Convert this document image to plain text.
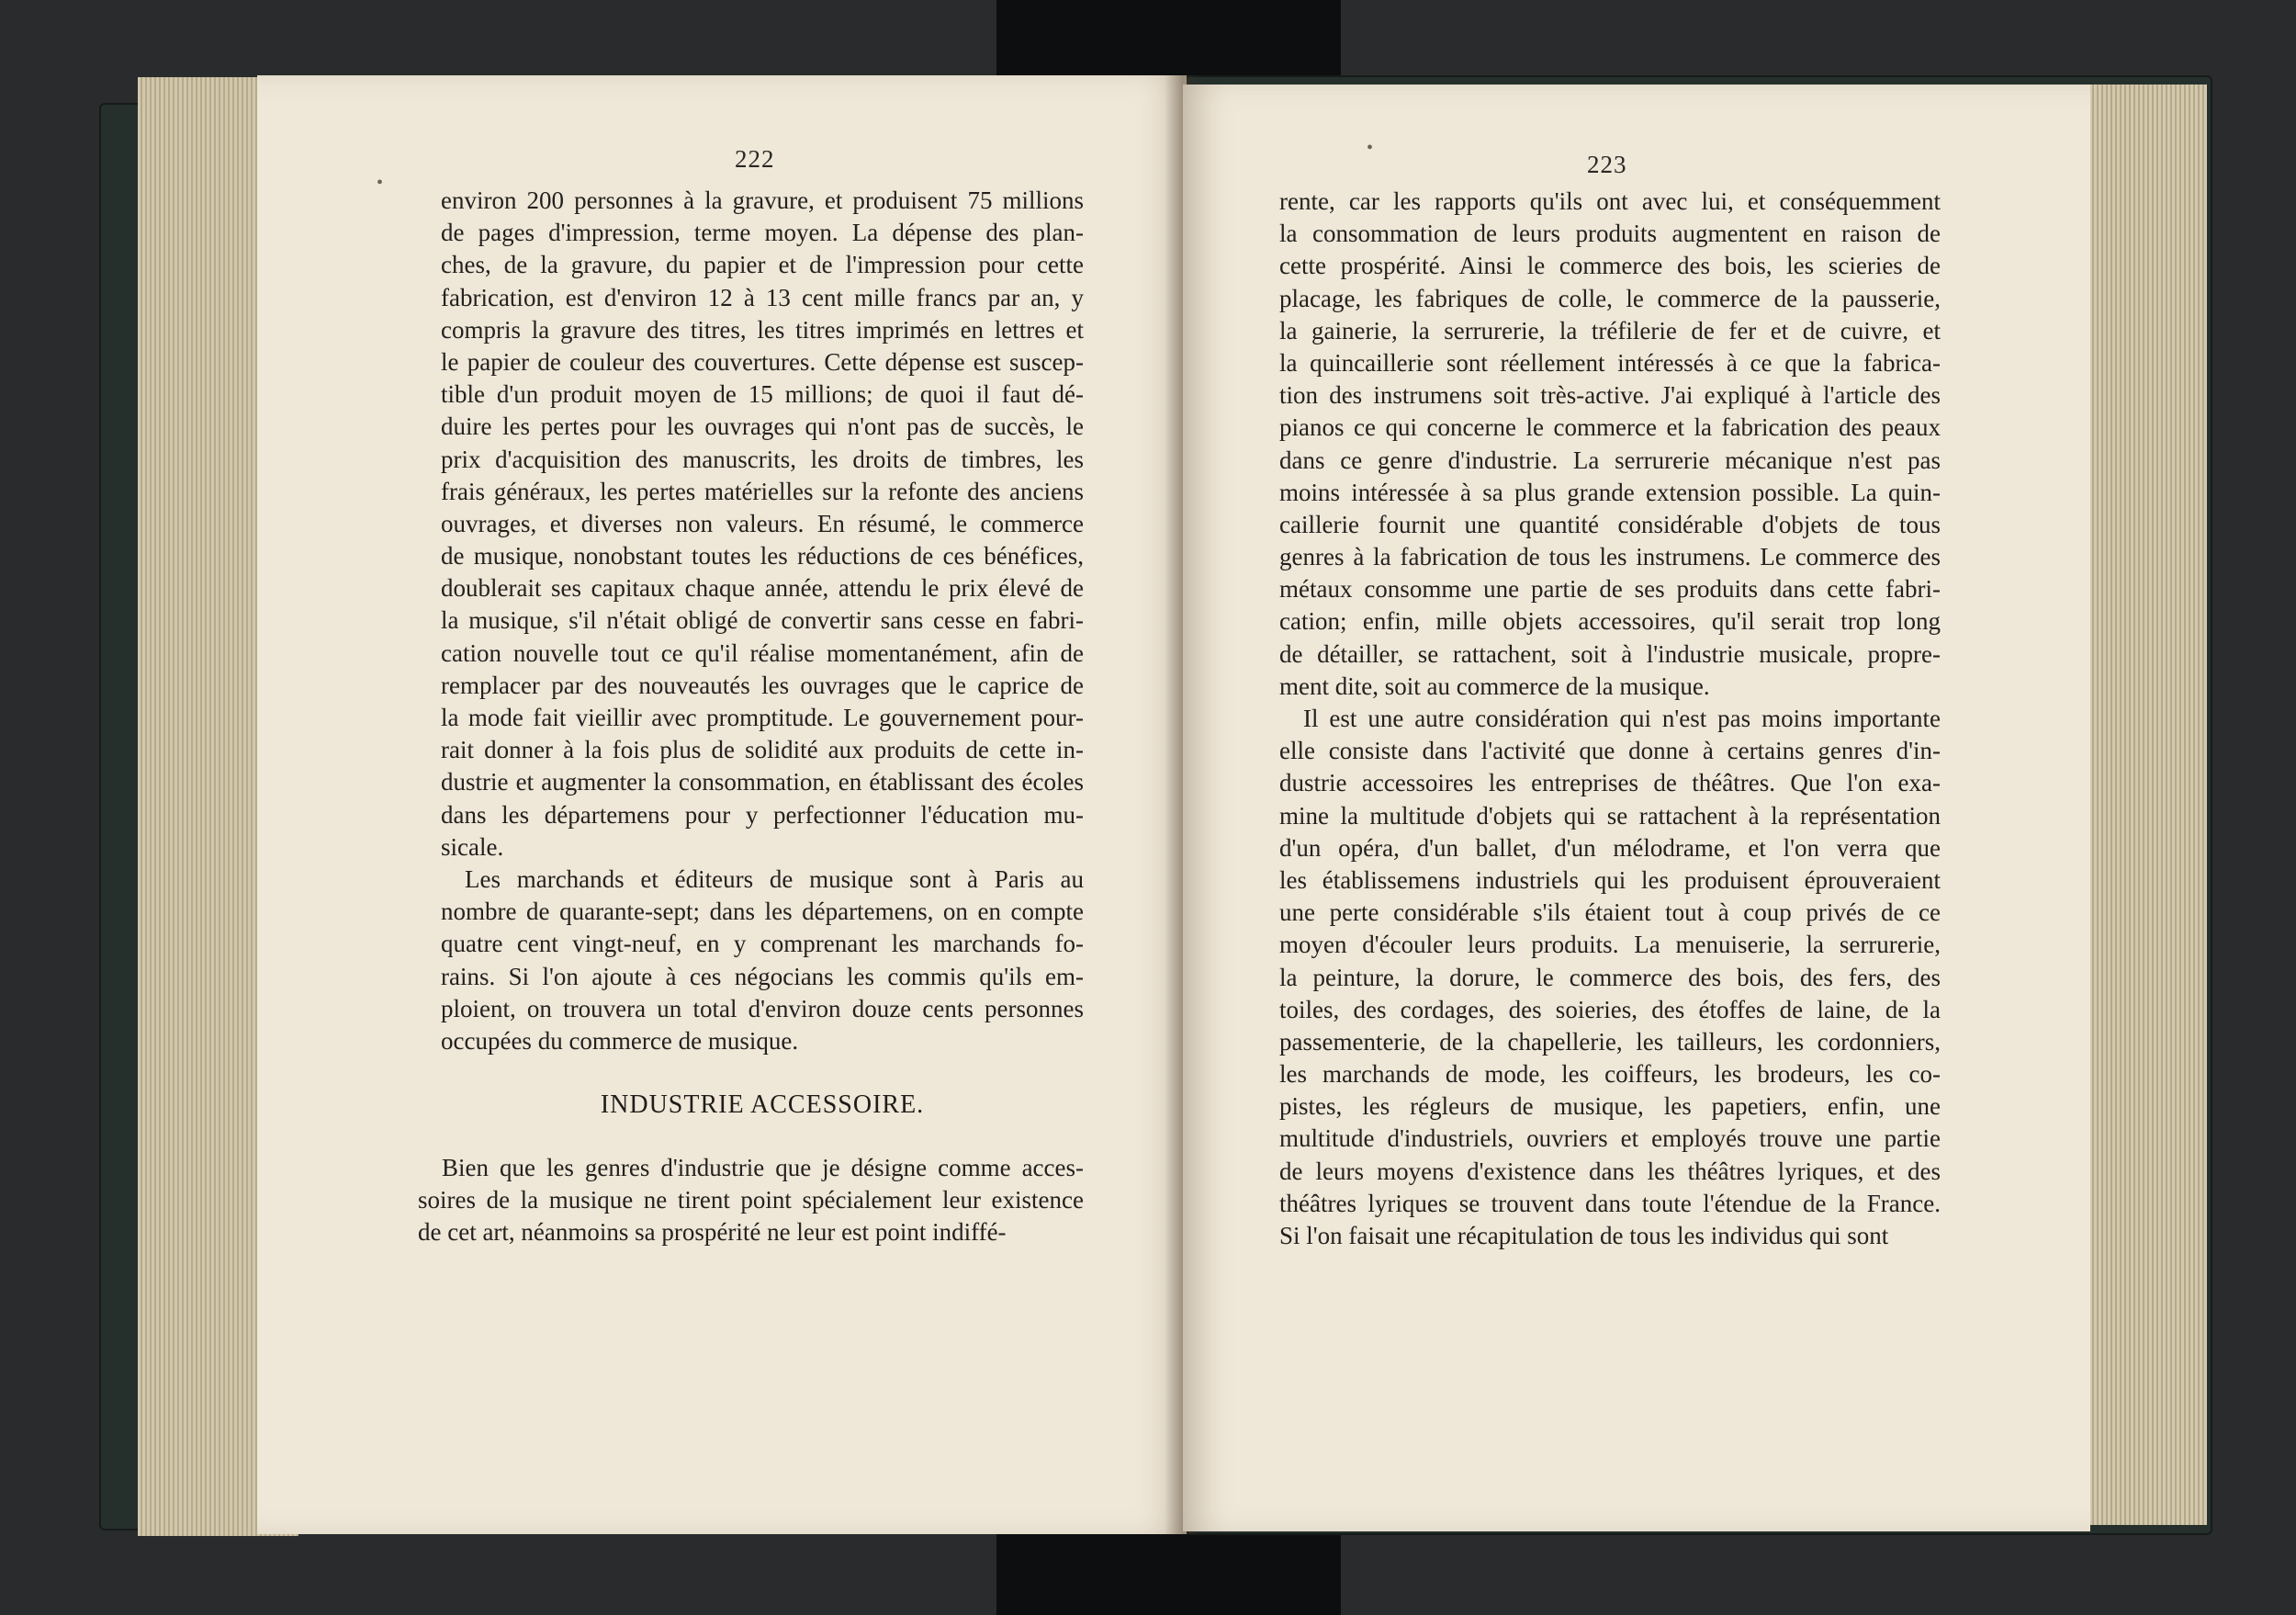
222
•
environ 200 personnes à la gravure, et produisent 75 millions
de pages d'impression, terme moyen. La dépense des plan-
ches, de la gravure, du papier et de l'impression pour cette
fabrication, est d'environ 12 à 13 cent mille francs par an, y
compris la gravure des titres, les titres imprimés en lettres et
le papier de couleur des couvertures. Cette dépense est suscep-
tible d'un produit moyen de 15 millions; de quoi il faut dé-
duire les pertes pour les ouvrages qui n'ont pas de succès, le
prix d'acquisition des manuscrits, les droits de timbres, les
frais généraux, les pertes matérielles sur la refonte des anciens
ouvrages, et diverses non valeurs. En résumé, le commerce
de musique, nonobstant toutes les réductions de ces bénéfices,
doublerait ses capitaux chaque année, attendu le prix élevé de
la musique, s'il n'était obligé de convertir sans cesse en fabri-
cation nouvelle tout ce qu'il réalise momentanément, afin de
remplacer par des nouveautés les ouvrages que le caprice de
la mode fait vieillir avec promptitude. Le gouvernement pour-
rait donner à la fois plus de solidité aux produits de cette in-
dustrie et augmenter la consommation, en établissant des écoles
dans les départemens pour y perfectionner l'éducation mu-
sicale.
Les marchands et éditeurs de musique sont à Paris au
nombre de quarante-sept; dans les départemens, on en compte
quatre cent vingt-neuf, en y comprenant les marchands fo-
rains. Si l'on ajoute à ces négocians les commis qu'ils em-
ploient, on trouvera un total d'environ douze cents personnes
occupées du commerce de musique.
INDUSTRIE ACCESSOIRE.
Bien que les genres d'industrie que je désigne comme acces-
soires de la musique ne tirent point spécialement leur existence
de cet art, néanmoins sa prospérité ne leur est point indiffé-
223
•
rente, car les rapports qu'ils ont avec lui, et conséquemment
la consommation de leurs produits augmentent en raison de
cette prospérité. Ainsi le commerce des bois, les scieries de
placage, les fabriques de colle, le commerce de la pausserie,
la gainerie, la serrurerie, la tréfilerie de fer et de cuivre, et
la quincaillerie sont réellement intéressés à ce que la fabrica-
tion des instrumens soit très-active. J'ai expliqué à l'article des
pianos ce qui concerne le commerce et la fabrication des peaux
dans ce genre d'industrie. La serrurerie mécanique n'est pas
moins intéressée à sa plus grande extension possible. La quin-
caillerie fournit une quantité considérable d'objets de tous
genres à la fabrication de tous les instrumens. Le commerce des
métaux consomme une partie de ses produits dans cette fabri-
cation; enfin, mille objets accessoires, qu'il serait trop long
de détailler, se rattachent, soit à l'industrie musicale, propre-
ment dite, soit au commerce de la musique.
Il est une autre considération qui n'est pas moins importante
elle consiste dans l'activité que donne à certains genres d'in-
dustrie accessoires les entreprises de théâtres. Que l'on exa-
mine la multitude d'objets qui se rattachent à la représentation
d'un opéra, d'un ballet, d'un mélodrame, et l'on verra que
les établissemens industriels qui les produisent éprouveraient
une perte considérable s'ils étaient tout à coup privés de ce
moyen d'écouler leurs produits. La menuiserie, la serrurerie,
la peinture, la dorure, le commerce des bois, des fers, des
toiles, des cordages, des soieries, des étoffes de laine, de la
passementerie, de la chapellerie, les tailleurs, les cordonniers,
les marchands de mode, les coiffeurs, les brodeurs, les co-
pistes, les régleurs de musique, les papetiers, enfin, une
multitude d'industriels, ouvriers et employés trouve une partie
de leurs moyens d'existence dans les théâtres lyriques, et des
théâtres lyriques se trouvent dans toute l'étendue de la France.
Si l'on faisait une récapitulation de tous les individus qui sont
